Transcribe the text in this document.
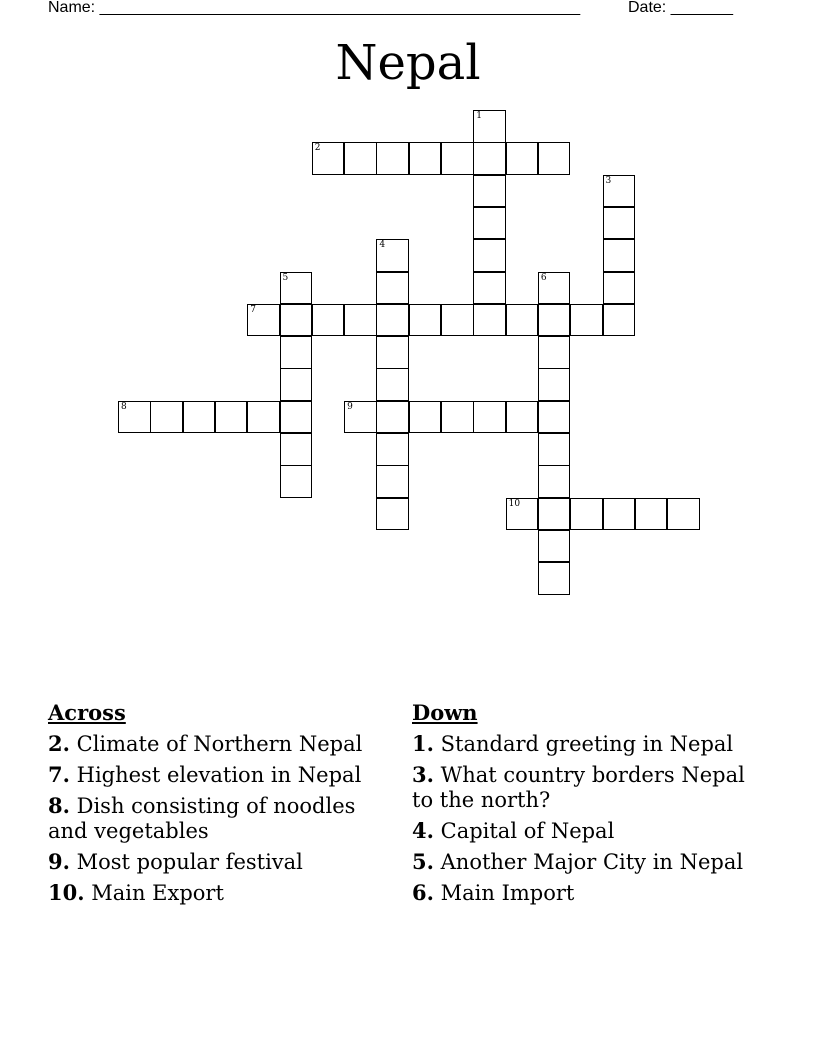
Name: ______________________________________________________	Date: _______
Nepal
1
2
3
4
5	6
7
8	9
10
Across
2. Climate of Northern Nepal
7. Highest elevation in Nepal
8. Dish consisting of noodles and vegetables
9. Most popular festival
10. Main Export
Down
1. Standard greeting in Nepal
3. What country borders Nepal to the north?
4. Capital of Nepal
5. Another Major City in Nepal
6. Main Import
